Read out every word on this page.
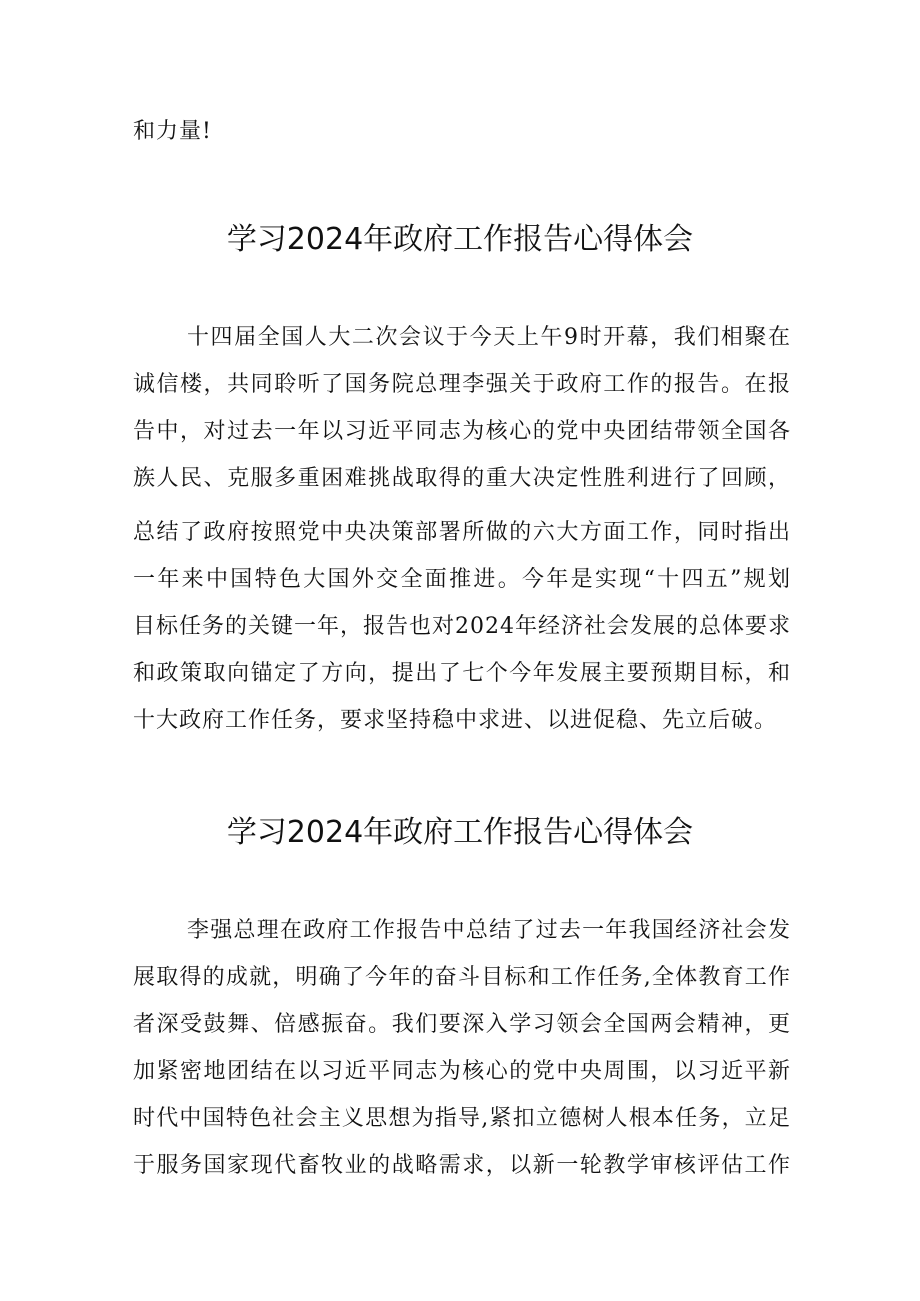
和力量!
学习2024年政府工作报告心得体会
十四届全国人大二次会议于今天上午9时开幕，我们相聚在
诚信楼，共同聆听了国务院总理李强关于政府工作的报告。在报
告中，对过去一年以习近平同志为核心的党中央团结带领全国各
族人民、克服多重困难挑战取得的重大决定性胜利进行了回顾，
总结了政府按照党中央决策部署所做的六大方面工作，同时指出
一年来中国特色大国外交全面推进。今年是实现“十四五”规划
目标任务的关键一年，报告也对2024年经济社会发展的总体要求
和政策取向锚定了方向，提出了七个今年发展主要预期目标，和
十大政府工作任务，要求坚持稳中求进、以进促稳、先立后破。
学习2024年政府工作报告心得体会
李强总理在政府工作报告中总结了过去一年我国经济社会发
展取得的成就，明确了今年的奋斗目标和工作任务,全体教育工作
者深受鼓舞、倍感振奋。我们要深入学习领会全国两会精神，更
加紧密地团结在以习近平同志为核心的党中央周围，以习近平新
时代中国特色社会主义思想为指导,紧扣立德树人根本任务，立足
于服务国家现代畜牧业的战略需求，以新一轮教学审核评估工作
